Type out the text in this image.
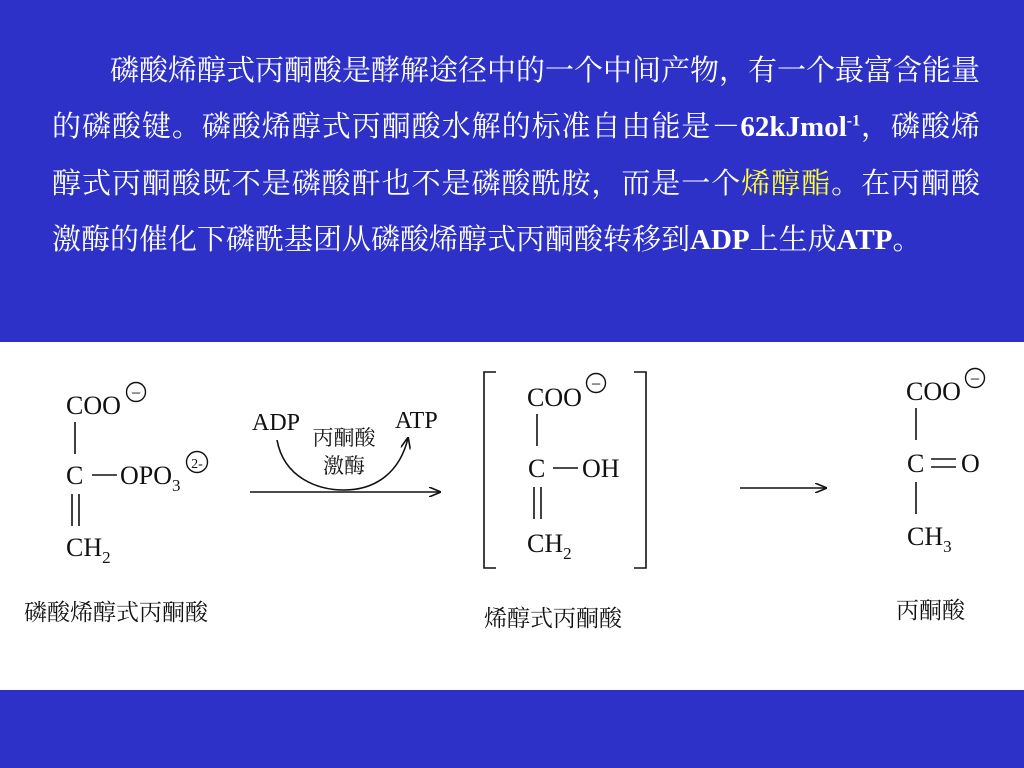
磷酸烯醇式丙酮酸是酵解途径中的一个中间产物，有一个最富含能量的磷酸键。磷酸烯醇式丙酮酸水解的标准自由能是－62kJmol$^{-1}$，磷酸烯醇式丙酮酸既不是磷酸酐也不是磷酸酰胺，而是一个烯醇酯。在丙酮酸激酶的催化下磷酰基团从磷酸烯醇式丙酮酸转移到ADP上生成ATP。

COO −
C $OPO_3$
2-
$CH_2$
磷酸烯醇式丙酮酸
ADP	ATP
丙酮酸
激酶
COO −
C OH
$CH_2$
烯醇式丙酮酸
COO −
C O
$CH_3$
丙酮酸
